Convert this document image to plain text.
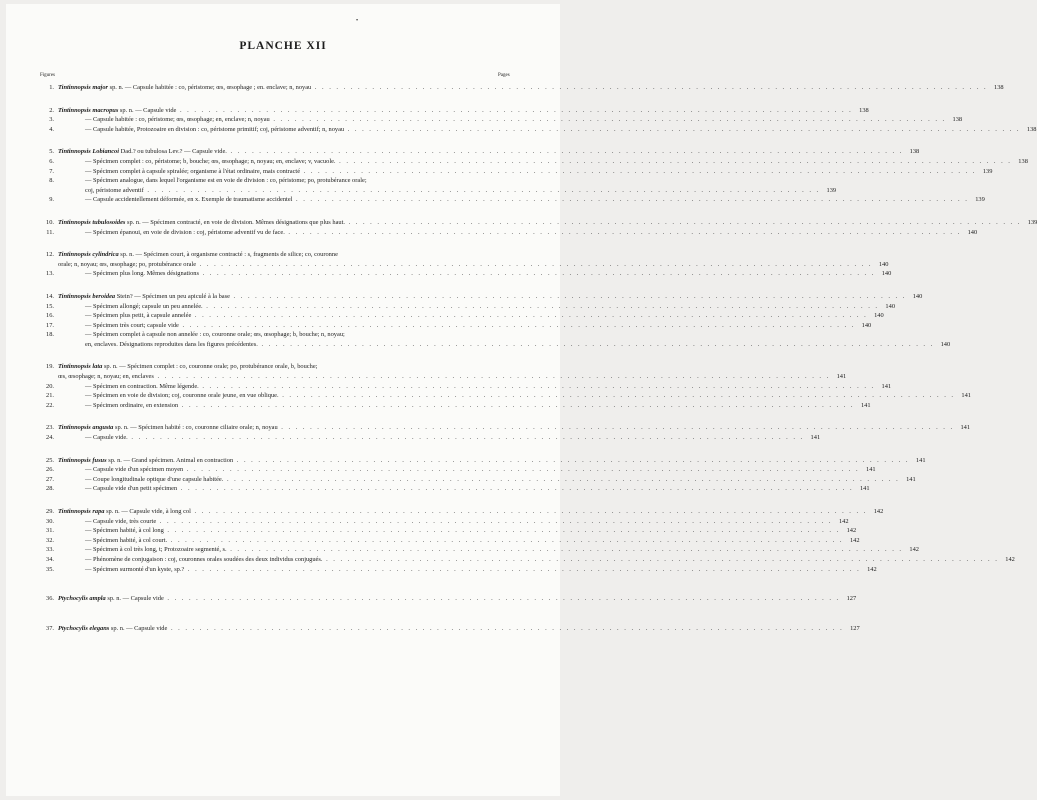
•
PLANCHE XII
Figures	Pages
1. Tintinnopsis major sp. n. — Capsule habitée : co, péristome; œs, œsophage ; en. enclave; n, noyau . . . . . . . . . . . . . . . . . . . . . . . . . . . . . . . . . . . . . . . . . . . . . . . . . . . . . . . . . . . . . . . . . . . . . . . . . . . . . . . . . . . . . . . . . . . . . .	138
2. Tintinnopsis macropus sp. n. — Capsule vide . . . . . . . . . . . . . . . . . . . . . . . . . . . . . . . . . . . . . . . . . . . . . . . . . . . . . . . . . . . . . . . . . . . . . . . . . . . . . . . . . . . . . . . . . . . . . .	138
3.	— Capsule habitée : co, péristome; œs, œsophage; en, enclave; n, noyau . . . . . . . . . . . . . . . . . . . . . . . . . . . . . . . . . . . . . . . . . . . . . . . . . . . . . . . . . . . . . . . . . . . . . . . . . . . . . . . . . . . . . . . . . . . . . .	138
4.	— Capsule habitée, Protozoaire en division : co, péristome primitif; coj, péristome adventif; n, noyau . . . . . . . . . . . . . . . . . . . . . . . . . . . . . . . . . . . . . . . . . . . . . . . . . . . . . . . . . . . . . . . . . . . . . . . . . . . . . . . . . . . . . . . . . . . . . .	138
5. Tintinnopsis Lobiancoi Dad.? ou tubulosa Lev.? — Capsule vide. . . . . . . . . . . . . . . . . . . . . . . . . . . . . . . . . . . . . . . . . . . . . . . . . . . . . . . . . . . . . . . . . . . . . . . . . . . . . . . . . . . . . . . . . . . . . . .	138
6.	— Spécimen complet : co, péristome; b, bouche; œs, œsophage; n, noyau; en, enclave; v, vacuole. . . . . . . . . . . . . . . . . . . . . . . . . . . . . . . . . . . . . . . . . . . . . . . . . . . . . . . . . . . . . . . . . . . . . . . . . . . . . . . . . . . . . . . . . . . . . . .	138
7.	— Spécimen complet à capsule spiralée; organisme à l'état ordinaire, mais contracté . . . . . . . . . . . . . . . . . . . . . . . . . . . . . . . . . . . . . . . . . . . . . . . . . . . . . . . . . . . . . . . . . . . . . . . . . . . . . . . . . . . . . . . . . . . . . .	139
8.	— Spécimen analogue, dans lequel l'organisme est en voie de division : co, péristome; po, protubérance orale;
coj, péristome adventif . . . . . . . . . . . . . . . . . . . . . . . . . . . . . . . . . . . . . . . . . . . . . . . . . . . . . . . . . . . . . . . . . . . . . . . . . . . . . . . . . . . . . . . . . . . . . .	139
9.	— Capsule accidentellement déformée, en x. Exemple de traumatisme accidentel . . . . . . . . . . . . . . . . . . . . . . . . . . . . . . . . . . . . . . . . . . . . . . . . . . . . . . . . . . . . . . . . . . . . . . . . . . . . . . . . . . . . . . . . . . . . . .	139
10. Tintinnopsis tubulosoides sp. n. — Spécimen contracté, en voie de division. Mêmes désignations que plus haut. . . . . . . . . . . . . . . . . . . . . . . . . . . . . . . . . . . . . . . . . . . . . . . . . . . . . . . . . . . . . . . . . . . . . . . . . . . . . . . . . . . . . . . . . . . . . . .	139
11.	— Spécimen épanoui, en voie de division : coj, péristome adventif vu de face. . . . . . . . . . . . . . . . . . . . . . . . . . . . . . . . . . . . . . . . . . . . . . . . . . . . . . . . . . . . . . . . . . . . . . . . . . . . . . . . . . . . . . . . . . . . . . .	140
12. Tintinnopsis cylindrica sp. n. — Spécimen court, à organisme contracté : s, fragments de silice; co, couronne
orale; n, noyau; œs, œsophage; po, protubérance orale . . . . . . . . . . . . . . . . . . . . . . . . . . . . . . . . . . . . . . . . . . . . . . . . . . . . . . . . . . . . . . . . . . . . . . . . . . . . . . . . . . . . . . . . . . . . . .	140
13.	— Spécimen plus long. Mêmes désignations . . . . . . . . . . . . . . . . . . . . . . . . . . . . . . . . . . . . . . . . . . . . . . . . . . . . . . . . . . . . . . . . . . . . . . . . . . . . . . . . . . . . . . . . . . . . . .	140
14. Tintinnopsis beroidea Stein? — Spécimen un peu apiculé à la base . . . . . . . . . . . . . . . . . . . . . . . . . . . . . . . . . . . . . . . . . . . . . . . . . . . . . . . . . . . . . . . . . . . . . . . . . . . . . . . . . . . . . . . . . . . . . .	140
15.	— Spécimen allongé; capsule un peu annelée. . . . . . . . . . . . . . . . . . . . . . . . . . . . . . . . . . . . . . . . . . . . . . . . . . . . . . . . . . . . . . . . . . . . . . . . . . . . . . . . . . . . . . . . . . . . . . .	140
16.	— Spécimen plus petit, à capsule annelée . . . . . . . . . . . . . . . . . . . . . . . . . . . . . . . . . . . . . . . . . . . . . . . . . . . . . . . . . . . . . . . . . . . . . . . . . . . . . . . . . . . . . . . . . . . . . .	140
17.	— Spécimen très court; capsule vide . . . . . . . . . . . . . . . . . . . . . . . . . . . . . . . . . . . . . . . . . . . . . . . . . . . . . . . . . . . . . . . . . . . . . . . . . . . . . . . . . . . . . . . . . . . . . .	140
18.	— Spécimen complet à capsule non annelée : co, couronne orale; œs, œsophage; b, bouche; n, noyau;
en, enclaves. Désignations reproduites dans les figures précédentes. . . . . . . . . . . . . . . . . . . . . . . . . . . . . . . . . . . . . . . . . . . . . . . . . . . . . . . . . . . . . . . . . . . . . . . . . . . . . . . . . . . . . . . . . . . . . . .	140
19. Tintinnopsis lata sp. n. — Spécimen complet : co, couronne orale; po, protubérance orale, b, bouche;
œs, œsophage; n, noyau; en, enclaves . . . . . . . . . . . . . . . . . . . . . . . . . . . . . . . . . . . . . . . . . . . . . . . . . . . . . . . . . . . . . . . . . . . . . . . . . . . . . . . . . . . . . . . . . . . . . .	141
20.	— Spécimen en contraction. Même légende. . . . . . . . . . . . . . . . . . . . . . . . . . . . . . . . . . . . . . . . . . . . . . . . . . . . . . . . . . . . . . . . . . . . . . . . . . . . . . . . . . . . . . . . . . . . . . .	141
21.	— Spécimen en voie de division; coj, couronne orale jeune, en vue oblique. . . . . . . . . . . . . . . . . . . . . . . . . . . . . . . . . . . . . . . . . . . . . . . . . . . . . . . . . . . . . . . . . . . . . . . . . . . . . . . . . . . . . . . . . . . . . . .	141
22.	— Spécimen ordinaire, en extension . . . . . . . . . . . . . . . . . . . . . . . . . . . . . . . . . . . . . . . . . . . . . . . . . . . . . . . . . . . . . . . . . . . . . . . . . . . . . . . . . . . . . . . . . . . . . .	141
23. Tintinnopsis angusta sp. n. — Spécimen habité : co, couronne ciliaire orale; n, noyau . . . . . . . . . . . . . . . . . . . . . . . . . . . . . . . . . . . . . . . . . . . . . . . . . . . . . . . . . . . . . . . . . . . . . . . . . . . . . . . . . . . . . . . . . . . . . .	141
24.	— Capsule vide. . . . . . . . . . . . . . . . . . . . . . . . . . . . . . . . . . . . . . . . . . . . . . . . . . . . . . . . . . . . . . . . . . . . . . . . . . . . . . . . . . . . . . . . . . . . . . .	141
25. Tintinnopsis fusus sp. n. — Grand spécimen. Animal en contraction . . . . . . . . . . . . . . . . . . . . . . . . . . . . . . . . . . . . . . . . . . . . . . . . . . . . . . . . . . . . . . . . . . . . . . . . . . . . . . . . . . . . . . . . . . . . . .	141
26.	— Capsule vide d'un spécimen moyen . . . . . . . . . . . . . . . . . . . . . . . . . . . . . . . . . . . . . . . . . . . . . . . . . . . . . . . . . . . . . . . . . . . . . . . . . . . . . . . . . . . . . . . . . . . . . .	141
27.	— Coupe longitudinale optique d'une capsule habitée. . . . . . . . . . . . . . . . . . . . . . . . . . . . . . . . . . . . . . . . . . . . . . . . . . . . . . . . . . . . . . . . . . . . . . . . . . . . . . . . . . . . . . . . . . . . . . .	141
28.	— Capsule vide d'un petit spécimen . . . . . . . . . . . . . . . . . . . . . . . . . . . . . . . . . . . . . . . . . . . . . . . . . . . . . . . . . . . . . . . . . . . . . . . . . . . . . . . . . . . . . . . . . . . . . .	141
29. Tintinnopsis rapa sp. n. — Capsule vide, à long col . . . . . . . . . . . . . . . . . . . . . . . . . . . . . . . . . . . . . . . . . . . . . . . . . . . . . . . . . . . . . . . . . . . . . . . . . . . . . . . . . . . . . . . . . . . . . .	142
30.	— Capsule vide, très courte . . . . . . . . . . . . . . . . . . . . . . . . . . . . . . . . . . . . . . . . . . . . . . . . . . . . . . . . . . . . . . . . . . . . . . . . . . . . . . . . . . . . . . . . . . . . . .	142
31.	— Spécimen habité, à col long . . . . . . . . . . . . . . . . . . . . . . . . . . . . . . . . . . . . . . . . . . . . . . . . . . . . . . . . . . . . . . . . . . . . . . . . . . . . . . . . . . . . . . . . . . . . . .	142
32.	— Spécimen habité, à col court. . . . . . . . . . . . . . . . . . . . . . . . . . . . . . . . . . . . . . . . . . . . . . . . . . . . . . . . . . . . . . . . . . . . . . . . . . . . . . . . . . . . . . . . . . . . . . .	142
33.	— Spécimen à col très long, t; Protozoaire segmenté, s. . . . . . . . . . . . . . . . . . . . . . . . . . . . . . . . . . . . . . . . . . . . . . . . . . . . . . . . . . . . . . . . . . . . . . . . . . . . . . . . . . . . . . . . . . . . . . .	142
34.	— Phénomène de conjugaison : coj, couronnes orales soudées des deux individus conjugués. . . . . . . . . . . . . . . . . . . . . . . . . . . . . . . . . . . . . . . . . . . . . . . . . . . . . . . . . . . . . . . . . . . . . . . . . . . . . . . . . . . . . . . . . . . . . . .	142
35.	— Spécimen surmonté d'un kyste, sp.? . . . . . . . . . . . . . . . . . . . . . . . . . . . . . . . . . . . . . . . . . . . . . . . . . . . . . . . . . . . . . . . . . . . . . . . . . . . . . . . . . . . . . . . . . . . . . .	142
36. Ptychocylis ampla sp. n. — Capsule vide . . . . . . . . . . . . . . . . . . . . . . . . . . . . . . . . . . . . . . . . . . . . . . . . . . . . . . . . . . . . . . . . . . . . . . . . . . . . . . . . . . . . . . . . . . . . . .	127
37. Ptychocylis elegans sp. n. — Capsule vide . . . . . . . . . . . . . . . . . . . . . . . . . . . . . . . . . . . . . . . . . . . . . . . . . . . . . . . . . . . . . . . . . . . . . . . . . . . . . . . . . . . . . . . . . . . . . .	127
